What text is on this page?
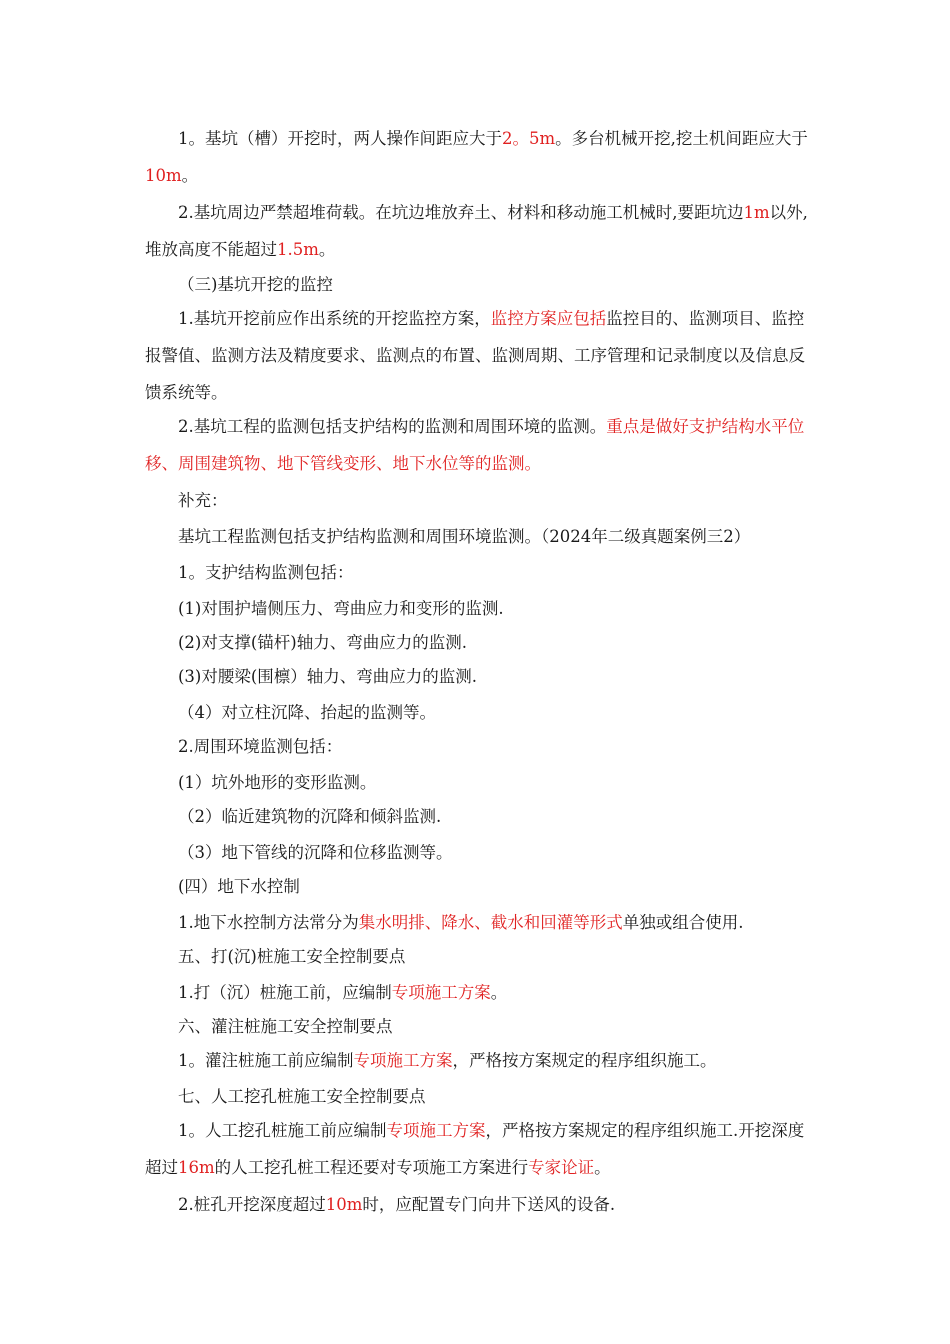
1。基坑（槽）开挖时，两人操作间距应大于2。5m。多台机械开挖,挖土机间距应大于10m。

2.基坑周边严禁超堆荷载。在坑边堆放弃土、材料和移动施工机械时,要距坑边1m以外,堆放高度不能超过1.5m。

（三)基坑开挖的监控

1.基坑开挖前应作出系统的开挖监控方案，监控方案应包括监控目的、监测项目、监控报警值、监测方法及精度要求、监测点的布置、监测周期、工序管理和记录制度以及信息反馈系统等。

2.基坑工程的监测包括支护结构的监测和周围环境的监测。重点是做好支护结构水平位移、周围建筑物、地下管线变形、地下水位等的监测。

补充：

基坑工程监测包括支护结构监测和周围环境监测。（2024年二级真题案例三2）

1。支护结构监测包括：

(1)对围护墙侧压力、弯曲应力和变形的监测.

(2)对支撑(锚杆)轴力、弯曲应力的监测.

(3)对腰梁(围檩）轴力、弯曲应力的监测.

（4）对立柱沉降、抬起的监测等。

2.周围环境监测包括：

(1）坑外地形的变形监测。

（2）临近建筑物的沉降和倾斜监测.

（3）地下管线的沉降和位移监测等。

(四）地下水控制

1.地下水控制方法常分为集水明排、降水、截水和回灌等形式单独或组合使用.

五、打(沉)桩施工安全控制要点

1.打（沉）桩施工前，应编制专项施工方案。

六、灌注桩施工安全控制要点

1。灌注桩施工前应编制专项施工方案，严格按方案规定的程序组织施工。

七、人工挖孔桩施工安全控制要点

1。人工挖孔桩施工前应编制专项施工方案，严格按方案规定的程序组织施工.开挖深度超过16m的人工挖孔桩工程还要对专项施工方案进行专家论证。

2.桩孔开挖深度超过10m时，应配置专门向井下送风的设备.
